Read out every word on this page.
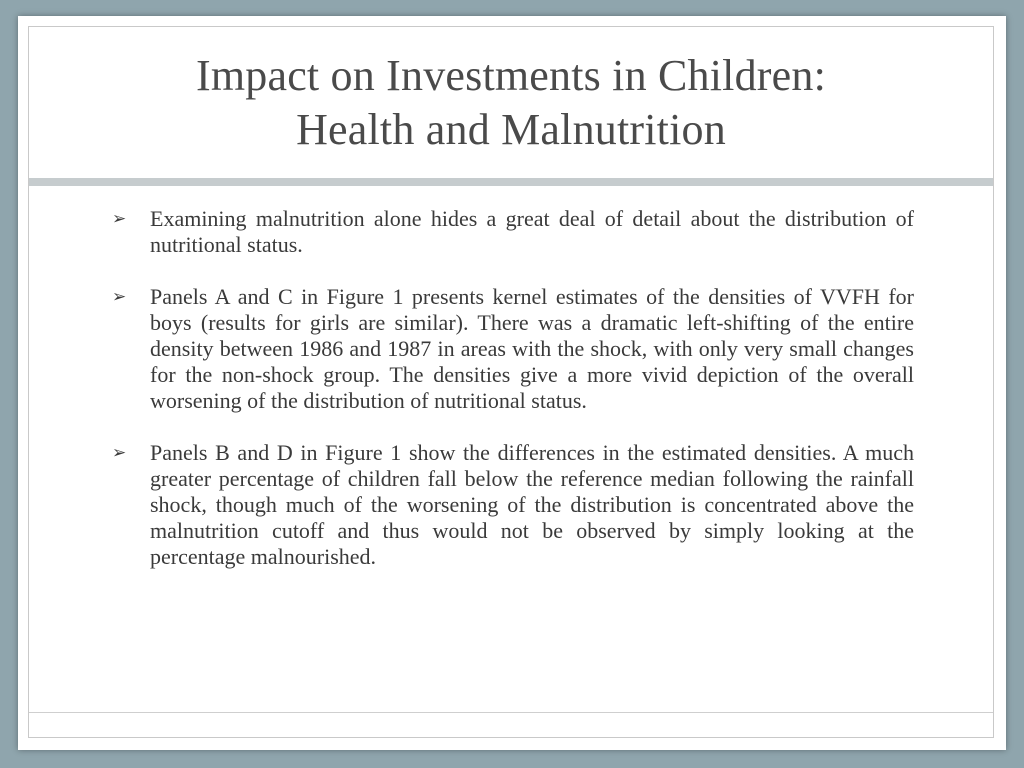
Impact on Investments in Children:
Health and Malnutrition
➢ Examining malnutrition alone hides a great deal of detail about the distribution of nutritional status.
➢ Panels A and C in Figure 1 presents kernel estimates of the densities of VVFH for boys (results for girls are similar). There was a dramatic left-shifting of the entire density between 1986 and 1987 in areas with the shock, with only very small changes for the non-shock group. The densities give a more vivid depiction of the overall worsening of the distribution of nutritional status.
➢ Panels B and D in Figure 1 show the differences in the estimated densities. A much greater percentage of children fall below the reference median following the rainfall shock, though much of the worsening of the distribution is concentrated above the malnutrition cutoff and thus would not be observed by simply looking at the percentage malnourished.
